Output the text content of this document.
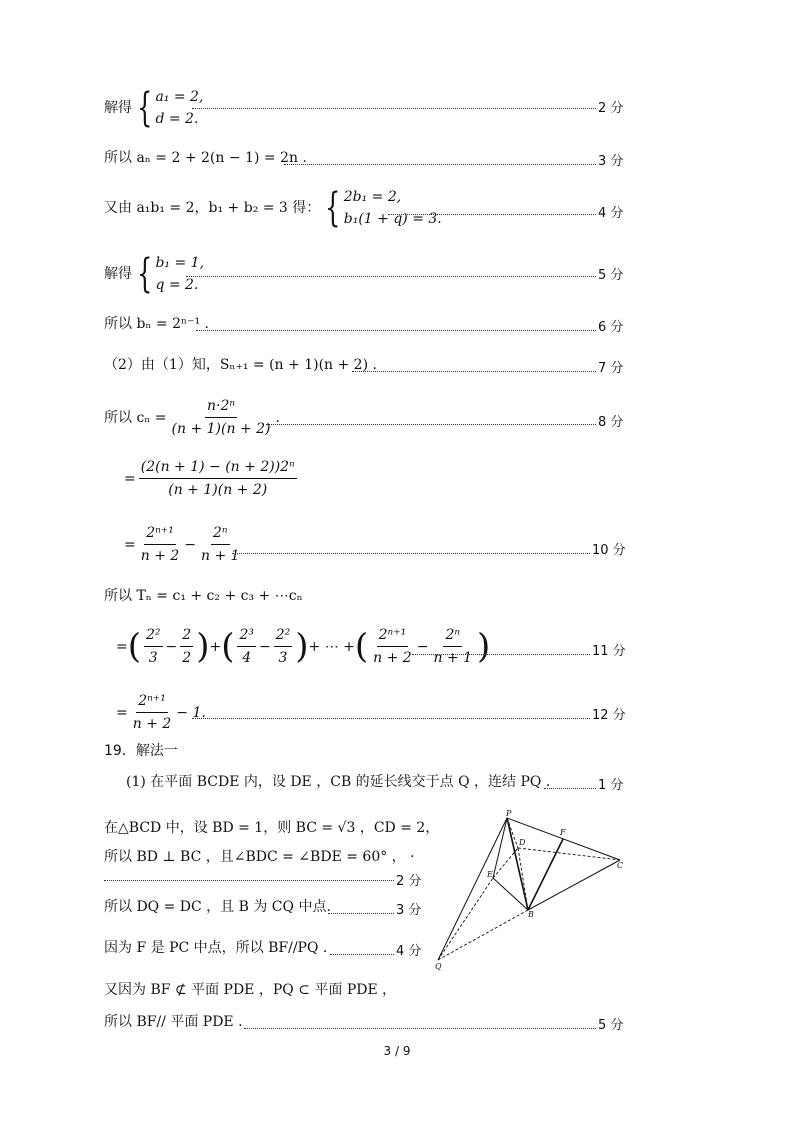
解得 { a₁ = 2,
d = 2.
2 分
所以 aₙ = 2 + 2(n − 1) = 2n .	3 分
又由 a₁b₁ = 2，b₁ + b₂ = 3 得： { 2b₁ = 2,
b₁(1 + q) = 3.	4 分
解得 { b₁ = 1,
q = 2.
5 分
所以 bₙ = 2ⁿ⁻¹ .	6 分
（2）由（1）知，Sₙ₊₁ = (n + 1)(n + 2) .	7 分
所以 $c_n = \frac{\text{n·2ⁿ}}{(n + 1)(n + 2)}$ .	8 分
= $\frac{\text{(2(n + 1) − (n + 2))2ⁿ}}{(n + 1)(n + 2)}$
= $\frac{\text{2ⁿ⁺¹}}{n + 2} - \frac{\text{2ⁿ}}{n + 1}$	10 分
所以 Tₙ = c₁ + c₂ + c₃ + ⋯cₙ
=( $\frac{\text{2²}}{3} - \frac{2}{2}$ )+( $\frac{\text{2³}}{4} - \frac{\text{2²}}{3}$ )+ ⋯ +( $\frac{\text{2ⁿ⁺¹}}{n + 2} - \frac{\text{2ⁿ}}{n + 1}$ )	11 分
= $\frac{\text{2ⁿ⁺¹}}{n + 2} - 1$.	12 分
19．解法一
(1) 在平面 BCDE 内，设 DE ，CB 的延长线交于点 Q ，连结 PQ .	1 分
在△BCD 中，设 BD = 1，则 BC = √3 ，CD = 2，
所以 BD ⊥ BC ，且∠BDC = ∠BDE = 60° ， ·
2 分
所以 DQ = DC ，且 B 为 CQ 中点.	3 分
因为 F 是 PC 中点，所以 BF//PQ .	4 分
又因为 BF ⊄ 平面 PDE ，PQ ⊂ 平面 PDE ，
所以 BF// 平面 PDE .	5 分
P
F
D
C
E
B
Q
3 / 9
